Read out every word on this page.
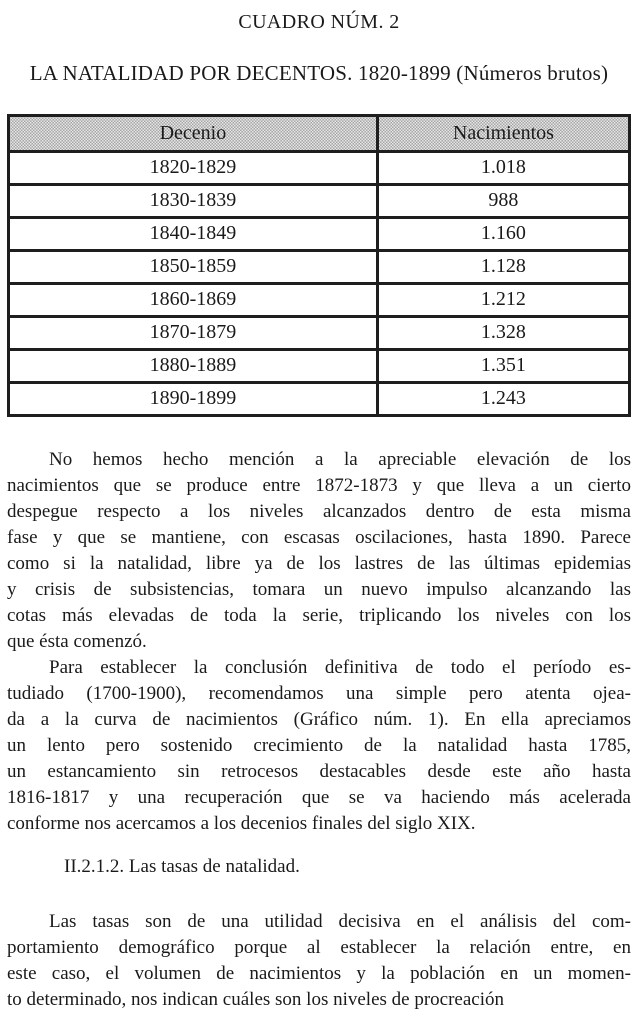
CUADRO NÚM. 2
LA NATALIDAD POR DECENTOS. 1820-1899 (Números brutos)
Decenio	Nacimientos
1820-1829	1.018
1830-1839	988
1840-1849	1.160
1850-1859	1.128
1860-1869	1.212
1870-1879	1.328
1880-1889	1.351
1890-1899	1.243
No hemos hecho mención a la apreciable elevación de los
nacimientos que se produce entre 1872-1873 y que lleva a un cierto
despegue respecto a los niveles alcanzados dentro de esta misma
fase y que se mantiene, con escasas oscilaciones, hasta 1890. Parece
como si la natalidad, libre ya de los lastres de las últimas epidemias
y crisis de subsistencias, tomara un nuevo impulso alcanzando las
cotas más elevadas de toda la serie, triplicando los niveles con los
que ésta comenzó.
Para establecer la conclusión definitiva de todo el período es-
tudiado (1700-1900), recomendamos una simple pero atenta ojea-
da a la curva de nacimientos (Gráfico núm. 1). En ella apreciamos
un lento pero sostenido crecimiento de la natalidad hasta 1785,
un estancamiento sin retrocesos destacables desde este año hasta
1816-1817 y una recuperación que se va haciendo más acelerada
conforme nos acercamos a los decenios finales del siglo XIX.
II.2.1.2. Las tasas de natalidad.
Las tasas son de una utilidad decisiva en el análisis del com-
portamiento demográfico porque al establecer la relación entre, en
este caso, el volumen de nacimientos y la población en un momen-
to determinado, nos indican cuáles son los niveles de procreación
